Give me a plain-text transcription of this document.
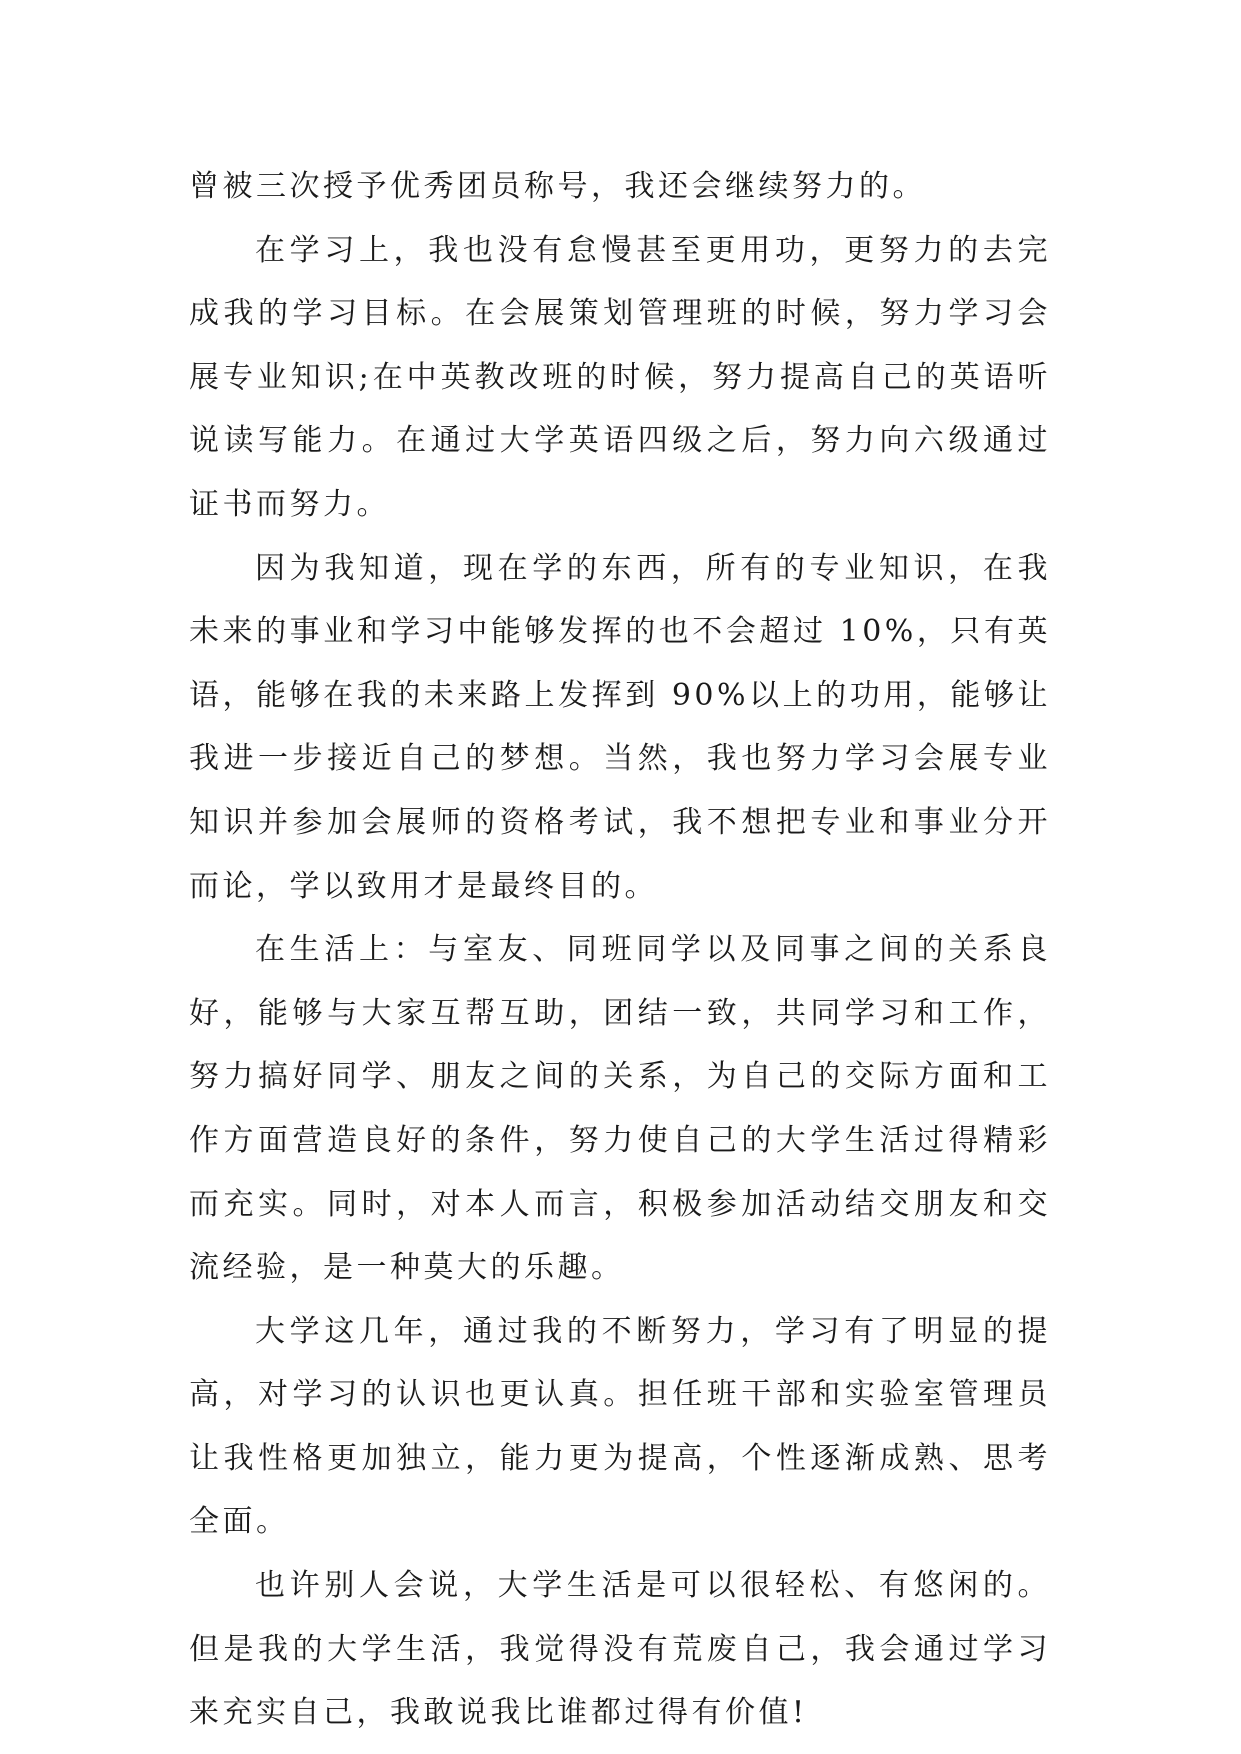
曾被三次授予优秀团员称号，我还会继续努力的。

在学习上，我也没有怠慢甚至更用功，更努力的去完成我的学习目标。在会展策划管理班的时候，努力学习会展专业知识;在中英教改班的时候，努力提高自己的英语听说读写能力。在通过大学英语四级之后，努力向六级通过证书而努力。

因为我知道，现在学的东西，所有的专业知识，在我未来的事业和学习中能够发挥的也不会超过 10%，只有英语，能够在我的未来路上发挥到 90%以上的功用，能够让我进一步接近自己的梦想。当然，我也努力学习会展专业知识并参加会展师的资格考试，我不想把专业和事业分开而论，学以致用才是最终目的。

在生活上：与室友、同班同学以及同事之间的关系良好，能够与大家互帮互助，团结一致，共同学习和工作，努力搞好同学、朋友之间的关系，为自己的交际方面和工作方面营造良好的条件，努力使自己的大学生活过得精彩而充实。同时，对本人而言，积极参加活动结交朋友和交流经验，是一种莫大的乐趣。

大学这几年，通过我的不断努力，学习有了明显的提高，对学习的认识也更认真。担任班干部和实验室管理员让我性格更加独立，能力更为提高，个性逐渐成熟、思考全面。

也许别人会说，大学生活是可以很轻松、有悠闲的。但是我的大学生活，我觉得没有荒废自己，我会通过学习来充实自己，我敢说我比谁都过得有价值!
